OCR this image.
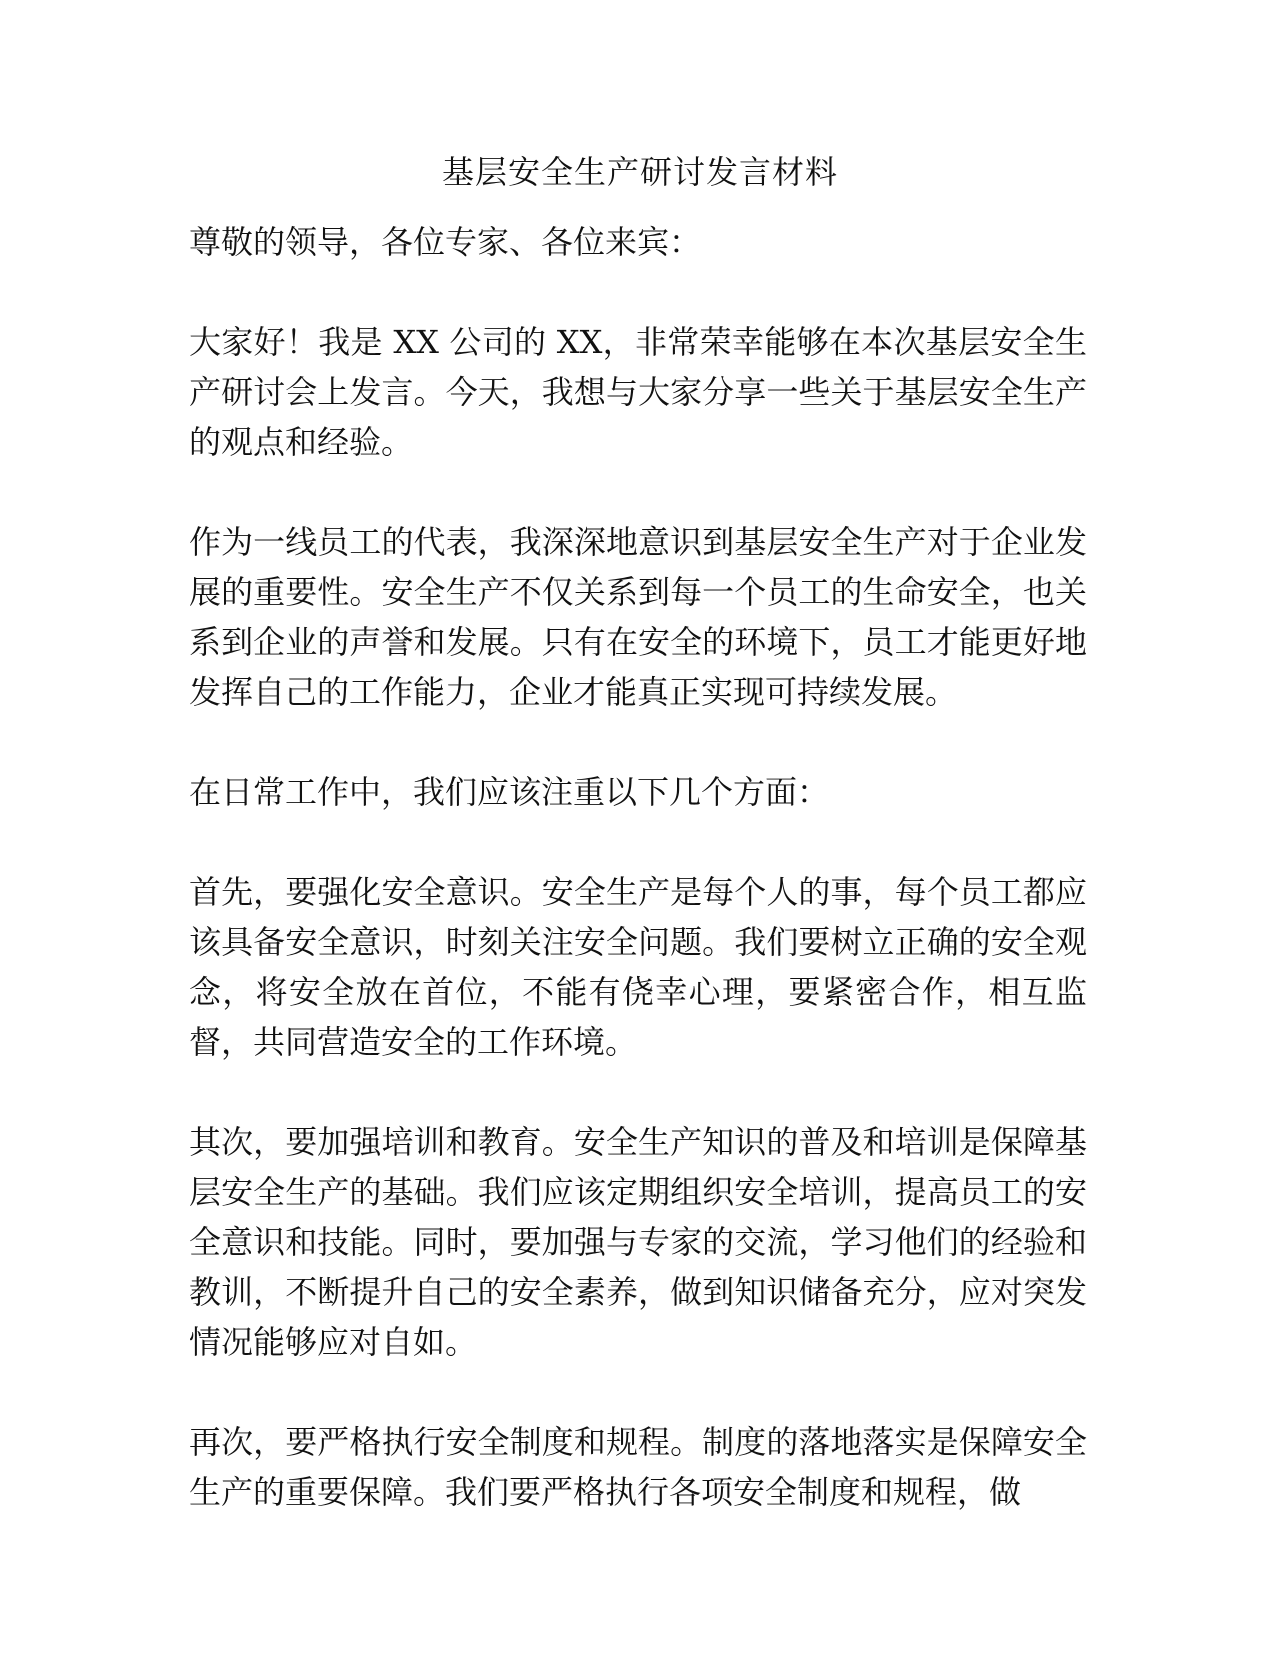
基层安全生产研讨发言材料

尊敬的领导，各位专家、各位来宾：

大家好！我是 XX 公司的 XX，非常荣幸能够在本次基层安全生产研讨会上发言。今天，我想与大家分享一些关于基层安全生产的观点和经验。

作为一线员工的代表，我深深地意识到基层安全生产对于企业发展的重要性。安全生产不仅关系到每一个员工的生命安全，也关系到企业的声誉和发展。只有在安全的环境下，员工才能更好地发挥自己的工作能力，企业才能真正实现可持续发展。

在日常工作中，我们应该注重以下几个方面：

首先，要强化安全意识。安全生产是每个人的事，每个员工都应该具备安全意识，时刻关注安全问题。我们要树立正确的安全观念，将安全放在首位，不能有侥幸心理，要紧密合作，相互监督，共同营造安全的工作环境。

其次，要加强培训和教育。安全生产知识的普及和培训是保障基层安全生产的基础。我们应该定期组织安全培训，提高员工的安全意识和技能。同时，要加强与专家的交流，学习他们的经验和教训，不断提升自己的安全素养，做到知识储备充分，应对突发情况能够应对自如。

再次，要严格执行安全制度和规程。制度的落地落实是保障安全生产的重要保障。我们要严格执行各项安全制度和规程，做
